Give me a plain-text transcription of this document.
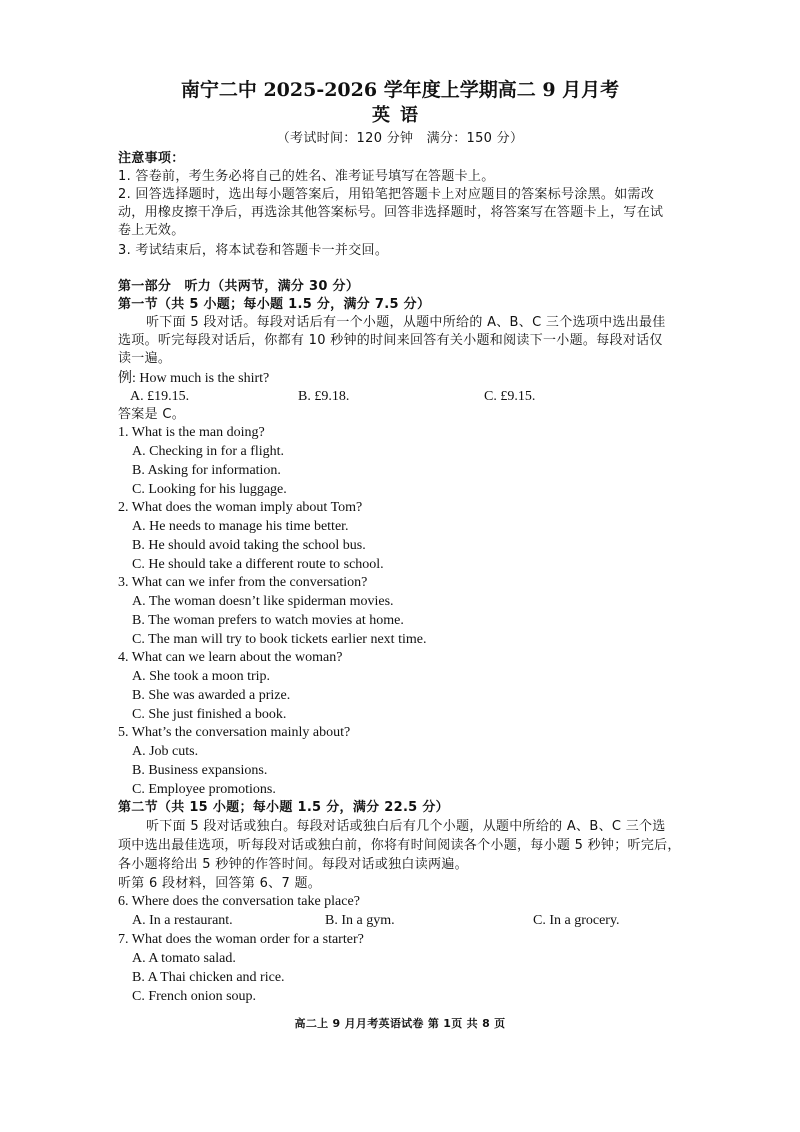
南宁二中 2025-2026 学年度上学期高二 9 月月考
英语
（考试时间：120 分钟　满分：150 分）
注意事项：
1. 答卷前，考生务必将自己的姓名、准考证号填写在答题卡上。
2. 回答选择题时，选出每小题答案后，用铅笔把答题卡上对应题目的答案标号涂黑。如需改
动，用橡皮擦干净后，再选涂其他答案标号。回答非选择题时，将答案写在答题卡上，写在试
卷上无效。
3. 考试结束后，将本试卷和答题卡一并交回。
第一部分　听力（共两节，满分 30 分）
第一节（共 5 小题；每小题 1.5 分，满分 7.5 分）
听下面 5 段对话。每段对话后有一个小题，从题中所给的 A、B、C 三个选项中选出最佳
选项。听完每段对话后，你都有 10 秒钟的时间来回答有关小题和阅读下一小题。每段对话仅
读一遍。
例: How much is the shirt?
A. £19.15.	B. £9.18.	C. £9.15.
答案是 C。
1. What is the man doing?
A. Checking in for a flight.
B. Asking for information.
C. Looking for his luggage.
2. What does the woman imply about Tom?
A. He needs to manage his time better.
B. He should avoid taking the school bus.
C. He should take a different route to school.
3. What can we infer from the conversation?
A. The woman doesn’t like spiderman movies.
B. The woman prefers to watch movies at home.
C. The man will try to book tickets earlier next time.
4. What can we learn about the woman?
A. She took a moon trip.
B. She was awarded a prize.
C. She just finished a book.
5. What’s the conversation mainly about?
A. Job cuts.
B. Business expansions.
C. Employee promotions.
第二节（共 15 小题；每小题 1.5 分，满分 22.5 分）
听下面 5 段对话或独白。每段对话或独白后有几个小题，从题中所给的 A、B、C 三个选
项中选出最佳选项，听每段对话或独白前，你将有时间阅读各个小题，每小题 5 秒钟；听完后，
各小题将给出 5 秒钟的作答时间。每段对话或独白读两遍。
听第 6 段材料，回答第 6、7 题。
6. Where does the conversation take place?
A. In a restaurant.	B. In a gym.	C. In a grocery.
7. What does the woman order for a starter?
A. A tomato salad.
B. A Thai chicken and rice.
C. French onion soup.
高二上 9 月月考英语试卷 第 1页 共 8 页
